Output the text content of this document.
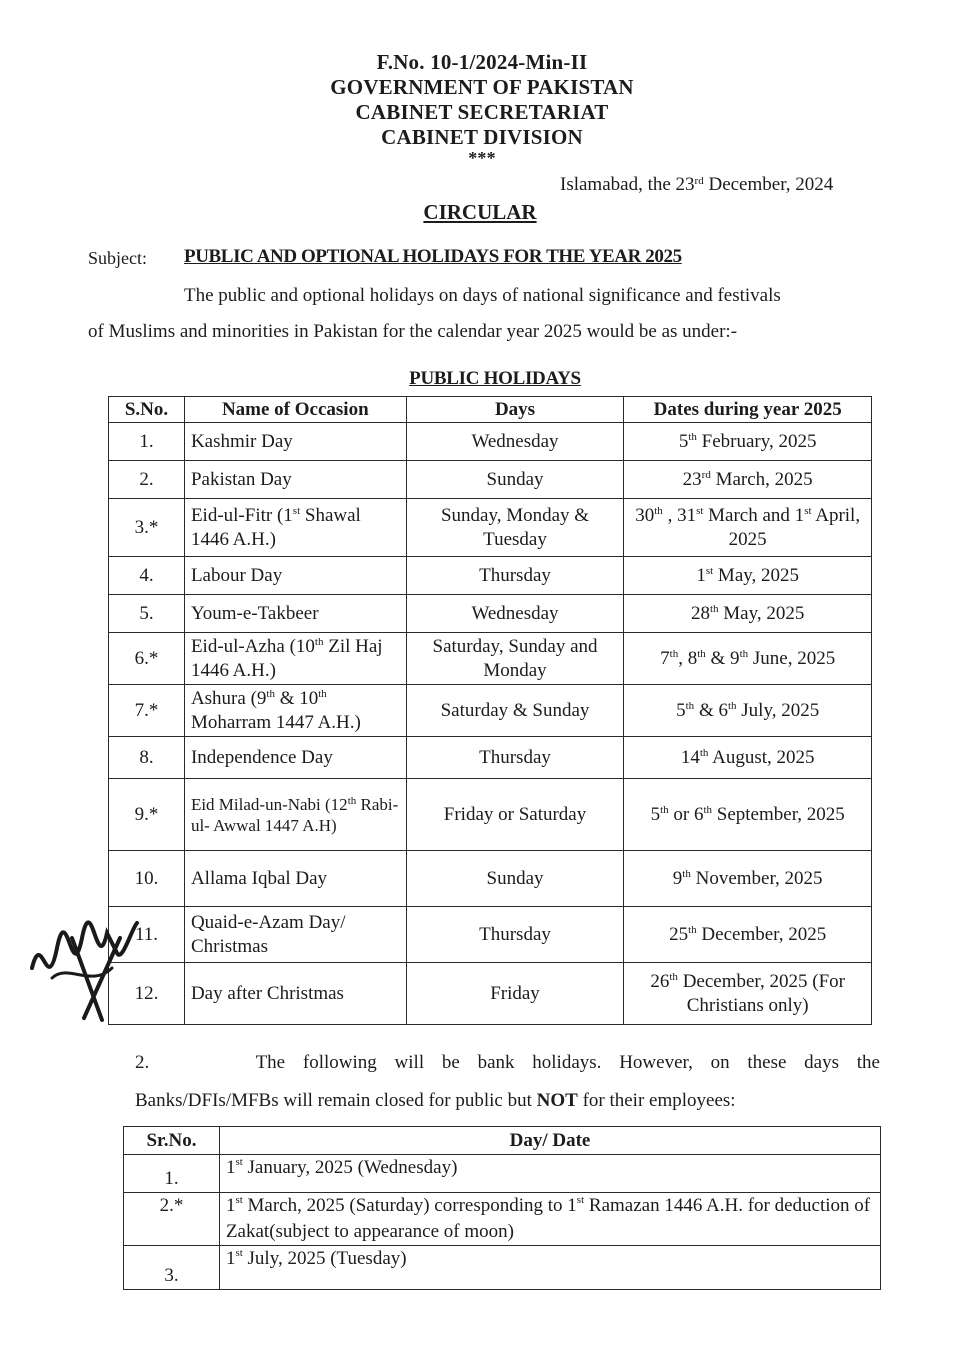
F.No. 10-1/2024-Min-II
GOVERNMENT OF PAKISTAN
CABINET SECRETARIAT
CABINET DIVISION
***
Islamabad, the 23rd December, 2024
CIRCULAR
Subject: PUBLIC AND OPTIONAL HOLIDAYS FOR THE YEAR 2025
The public and optional holidays on days of national significance and festivals
of Muslims and minorities in Pakistan for the calendar year 2025 would be as under:-
PUBLIC HOLIDAYS
S.No.	Name of Occasion	Days	Dates during year 2025
1.	Kashmir Day	Wednesday	5th February, 2025
2.	Pakistan Day	Sunday	23rd March, 2025
3.*	Eid-ul-Fitr (1st Shawal 1446 A.H.)	Sunday, Monday & Tuesday	30th , 31st March and 1st April, 2025
4.	Labour Day	Thursday	1st May, 2025
5.	Youm-e-Takbeer	Wednesday	28th May, 2025
6.*	Eid-ul-Azha (10th Zil Haj 1446 A.H.)	Saturday, Sunday and Monday	7th, 8th & 9th June, 2025
7.*	Ashura (9th & 10th Moharram 1447 A.H.)	Saturday & Sunday	5th & 6th July, 2025
8.	Independence Day	Thursday	14th August, 2025
9.*	Eid Milad-un-Nabi (12th Rabi-ul- Awwal 1447 A.H)	Friday or Saturday	5th or 6th September, 2025
10.	Allama Iqbal Day	Sunday	9th November, 2025
11.	Quaid-e-Azam Day/ Christmas	Thursday	25th December, 2025
12.	Day after Christmas	Friday	26th December, 2025 (For Christians only)
2.	The following will be bank holidays. However, on these days the
Banks/DFIs/MFBs will remain closed for public but NOT for their employees:
Sr.No.	Day/ Date
1.	1st January, 2025 (Wednesday)
2.*	1st March, 2025 (Saturday) corresponding to 1st Ramazan 1446 A.H. for deduction of Zakat(subject to appearance of moon)
3.	1st July, 2025 (Tuesday)
